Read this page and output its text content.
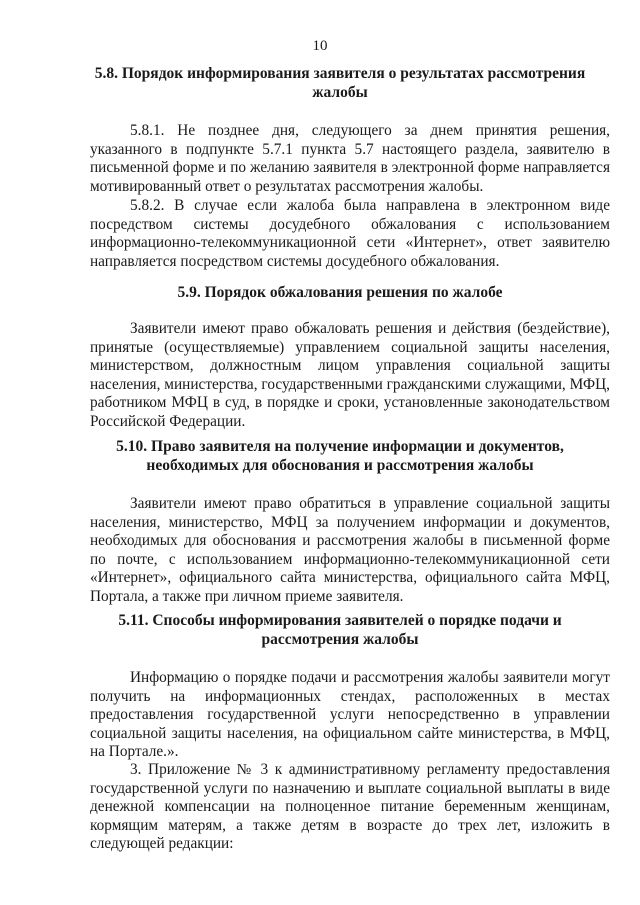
10
5.8. Порядок информирования заявителя о результатах рассмотрения жалобы
5.8.1. Не позднее дня, следующего за днем принятия решения, указанного в подпункте 5.7.1 пункта 5.7 настоящего раздела, заявителю в письменной форме и по желанию заявителя в электронной форме направляется мотивированный ответ о результатах рассмотрения жалобы.
5.8.2. В случае если жалоба была направлена в электронном виде посредством системы досудебного обжалования с использованием информационно-телекоммуникационной сети «Интернет», ответ заявителю направляется посредством системы досудебного обжалования.
5.9. Порядок обжалования решения по жалобе
Заявители имеют право обжаловать решения и действия (бездействие), принятые (осуществляемые) управлением социальной защиты населения, министерством, должностным лицом управления социальной защиты населения, министерства, государственными гражданскими служащими, МФЦ, работником МФЦ в суд, в порядке и сроки, установленные законодательством Российской Федерации.
5.10. Право заявителя на получение информации и документов, необходимых для обоснования и рассмотрения жалобы
Заявители имеют право обратиться в управление социальной защиты населения, министерство, МФЦ за получением информации и документов, необходимых для обоснования и рассмотрения жалобы в письменной форме по почте, с использованием информационно-телекоммуникационной сети «Интернет», официального сайта министерства, официального сайта МФЦ, Портала, а также при личном приеме заявителя.
5.11. Способы информирования заявителей о порядке подачи и рассмотрения жалобы
Информацию о порядке подачи и рассмотрения жалобы заявители могут получить на информационных стендах, расположенных в местах предоставления государственной услуги непосредственно в управлении социальной защиты населения, на официальном сайте министерства, в МФЦ, на Портале.».
3. Приложение № 3 к административному регламенту предоставления государственной услуги по назначению и выплате социальной выплаты в виде денежной компенсации на полноценное питание беременным женщинам, кормящим матерям, а также детям в возрасте до трех лет, изложить в следующей редакции:
